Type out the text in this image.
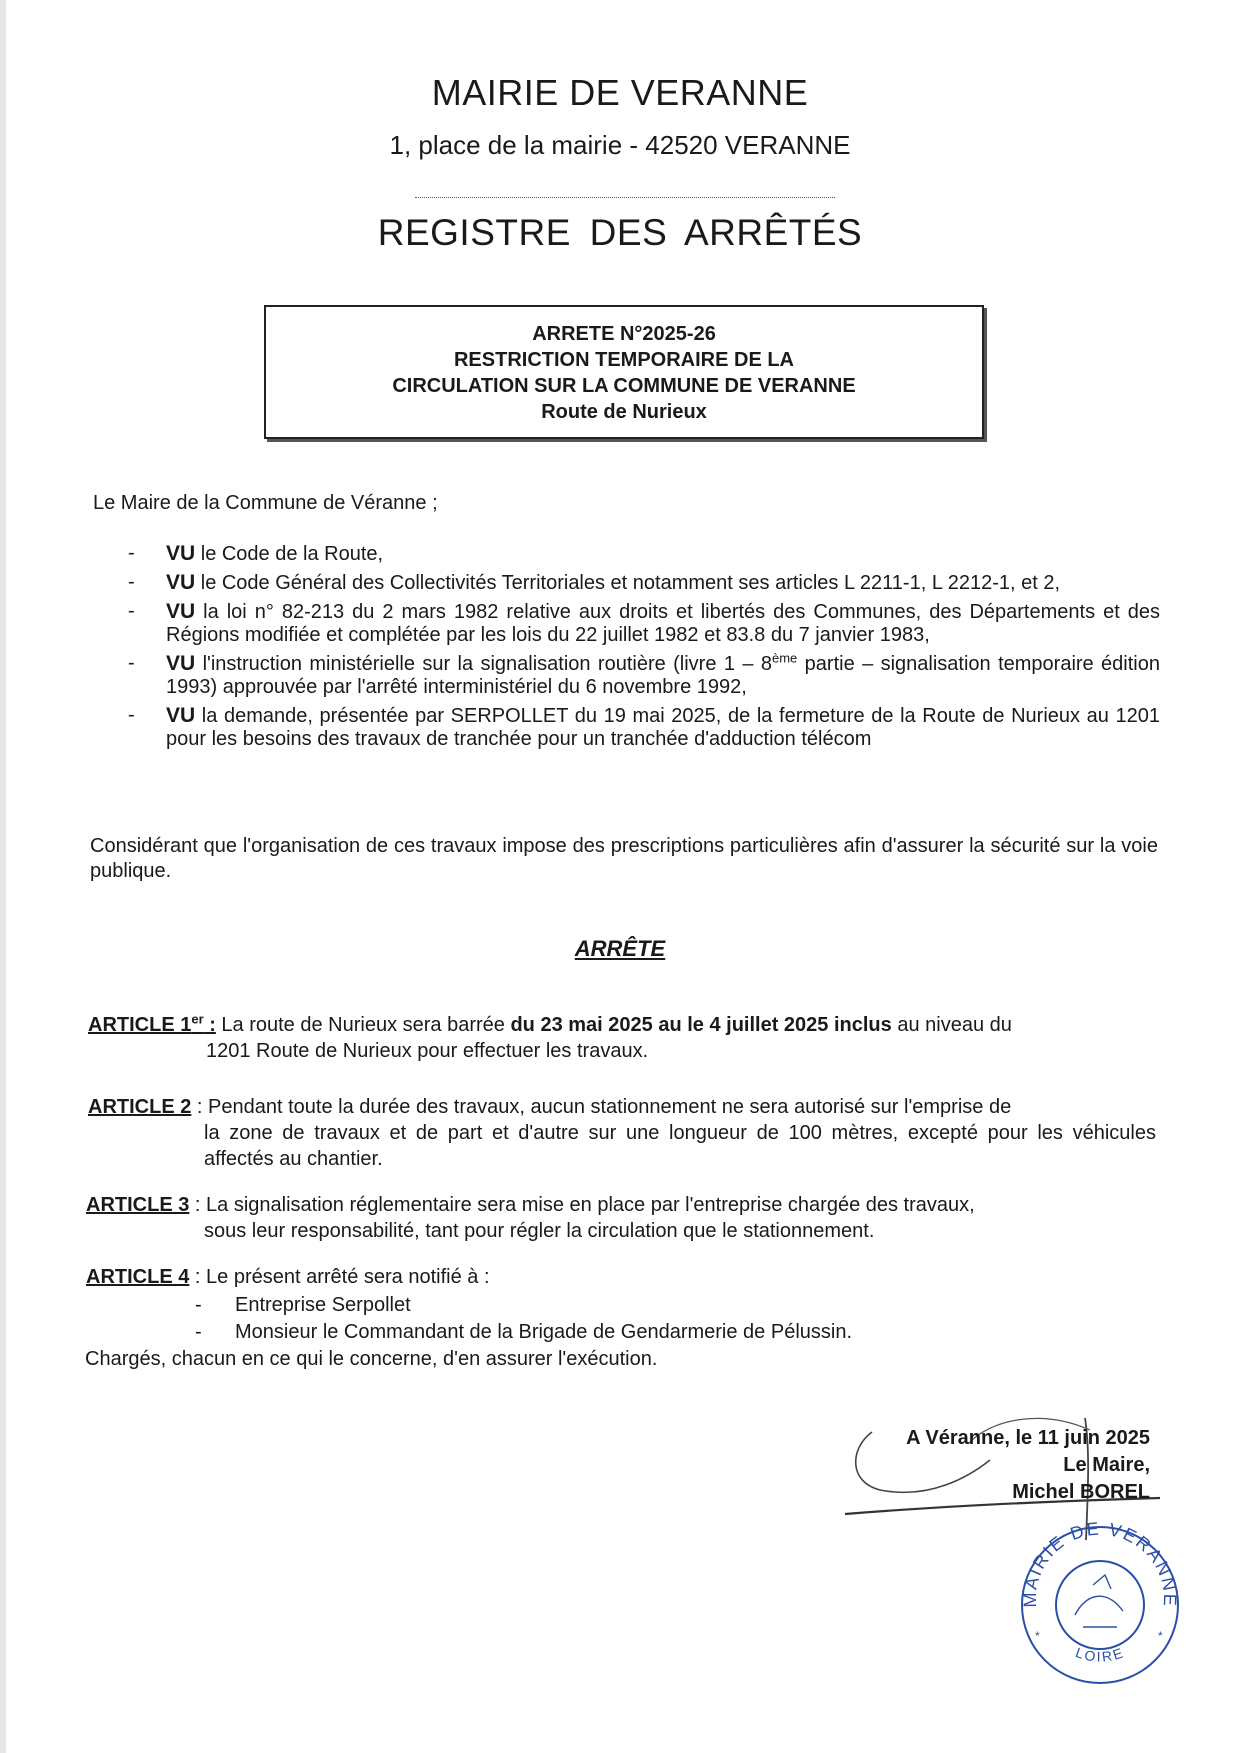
MAIRIE DE VERANNE
1, place de la mairie - 42520 VERANNE
REGISTRE DES ARRÊTÉS
ARRETE N°2025-26
RESTRICTION TEMPORAIRE DE LA
CIRCULATION SUR LA COMMUNE DE VERANNE
Route de Nurieux
Le Maire de la Commune de Véranne ;
- VU le Code de la Route,
- VU le Code Général des Collectivités Territoriales et notamment ses articles L 2211-1, L 2212-1, et 2,
- VU la loi n° 82-213 du 2 mars 1982 relative aux droits et libertés des Communes, des Départements et des Régions modifiée et complétée par les lois du 22 juillet 1982 et 83.8 du 7 janvier 1983,
- VU l'instruction ministérielle sur la signalisation routière (livre 1 – 8ème partie – signalisation temporaire édition 1993) approuvée par l'arrêté interministériel du 6 novembre 1992,
- VU la demande, présentée par SERPOLLET du 19 mai 2025, de la fermeture de la Route de Nurieux au 1201 pour les besoins des travaux de tranchée pour un tranchée d'adduction télécom
Considérant que l'organisation de ces travaux impose des prescriptions particulières afin d'assurer la sécurité sur la voie publique.
ARRÊTE
ARTICLE 1er : La route de Nurieux sera barrée du 23 mai 2025 au le 4 juillet 2025 inclus au niveau du
1201 Route de Nurieux pour effectuer les travaux.
ARTICLE 2 : Pendant toute la durée des travaux, aucun stationnement ne sera autorisé sur l'emprise de
la zone de travaux et de part et d'autre sur une longueur de 100 mètres, excepté pour les véhicules affectés au chantier.
ARTICLE 3 : La signalisation réglementaire sera mise en place par l'entreprise chargée des travaux,
sous leur responsabilité, tant pour régler la circulation que le stationnement.
ARTICLE 4 : Le présent arrêté sera notifié à :
- Entreprise Serpollet
- Monsieur le Commandant de la Brigade de Gendarmerie de Pélussin.
Chargés, chacun en ce qui le concerne, d'en assurer l'exécution.
A Véranne, le 11 juin 2025
Le Maire,
Michel BOREL
MAIRIE DE VERANNE
LOIRE
*	*
